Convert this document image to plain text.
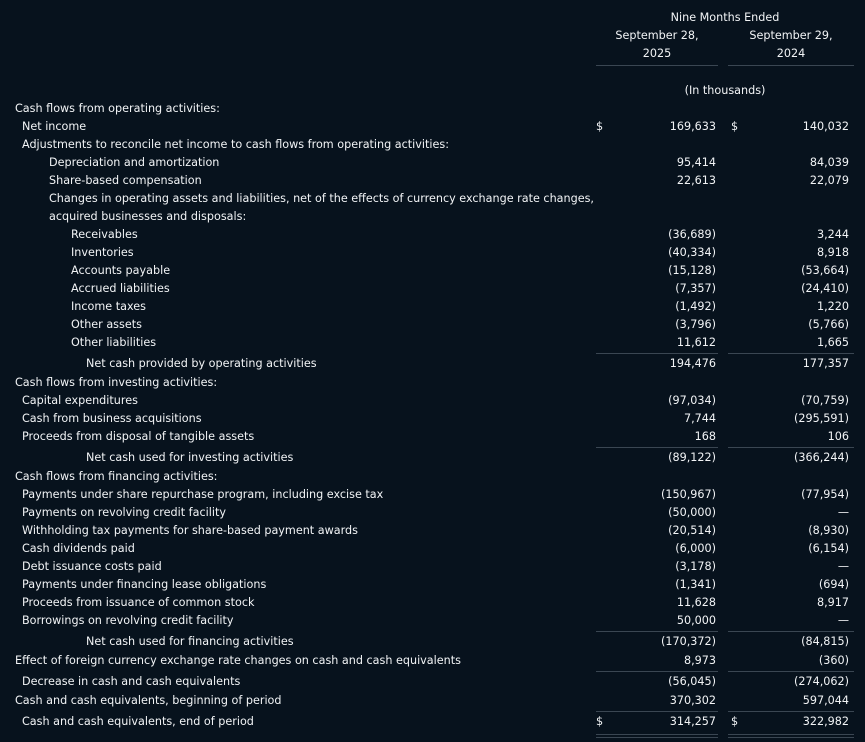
Nine Months Ended
September 28,
2025
September 29,
2024
(In thousands)
Cash flows from operating activities:
Net income	$	169,633 $	140,032
Adjustments to reconcile net income to cash flows from operating activities:
Depreciation and amortization	95,414	84,039
Share-based compensation	22,613	22,079
Changes in operating assets and liabilities, net of the effects of currency exchange rate changes,
acquired businesses and disposals:
Receivables	(36,689)	3,244
Inventories	(40,334)	8,918
Accounts payable	(15,128)	(53,664)
Accrued liabilities	(7,357)	(24,410)
Income taxes	(1,492)	1,220
Other assets	(3,796)	(5,766)
Other liabilities	11,612	1,665
Net cash provided by operating activities	194,476	177,357
Cash flows from investing activities:
Capital expenditures	(97,034)	(70,759)
Cash from business acquisitions	7,744	(295,591)
Proceeds from disposal of tangible assets	168	106
Net cash used for investing activities	(89,122)	(366,244)
Cash flows from financing activities:
Payments under share repurchase program, including excise tax	(150,967)	(77,954)
Payments on revolving credit facility	(50,000)	—
Withholding tax payments for share-based payment awards	(20,514)	(8,930)
Cash dividends paid	(6,000)	(6,154)
Debt issuance costs paid	(3,178)	—
Payments under financing lease obligations	(1,341)	(694)
Proceeds from issuance of common stock	11,628	8,917
Borrowings on revolving credit facility	50,000	—
Net cash used for financing activities	(170,372)	(84,815)
Effect of foreign currency exchange rate changes on cash and cash equivalents	8,973	(360)
Decrease in cash and cash equivalents	(56,045)	(274,062)
Cash and cash equivalents, beginning of period	370,302	597,044
Cash and cash equivalents, end of period	$	314,257 $	322,982
